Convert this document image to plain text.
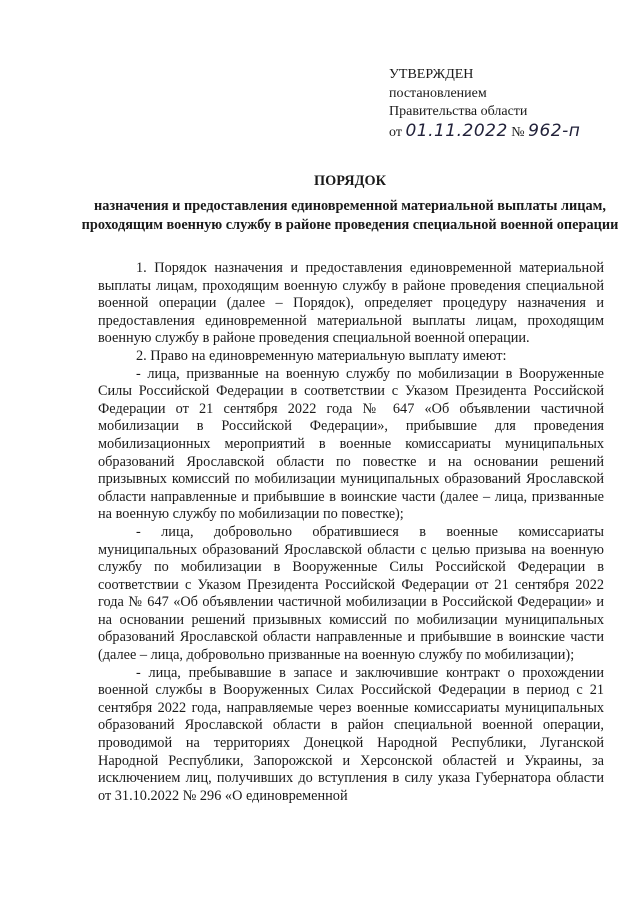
УТВЕРЖДЕН
постановлением
Правительства области
от 01.11.2022 № 962-п
ПОРЯДОК
назначения и предоставления единовременной материальной выплаты лицам, проходящим военную службу в районе проведения специальной военной операции

1. Порядок назначения и предоставления единовременной материальной выплаты лицам, проходящим военную службу в районе проведения специальной военной операции (далее – Порядок), определяет процедуру назначения и предоставления единовременной материальной выплаты лицам, проходящим военную службу в районе проведения специальной военной операции.

2. Право на единовременную материальную выплату имеют:

- лица, призванные на военную службу по мобилизации в Вооруженные Силы Российской Федерации в соответствии с Указом Президента Российской Федерации от 21 сентября 2022 года № 647 «Об объявлении частичной мобилизации в Российской Федерации», прибывшие для проведения мобилизационных мероприятий в военные комиссариаты муниципальных образований Ярославской области по повестке и на основании решений призывных комиссий по мобилизации муниципальных образований Ярославской области направленные и прибывшие в воинские части (далее – лица, призванные на военную службу по мобилизации по повестке);

- лица, добровольно обратившиеся в военные комиссариаты муниципальных образований Ярославской области с целью призыва на военную службу по мобилизации в Вооруженные Силы Российской Федерации в соответствии с Указом Президента Российской Федерации от 21 сентября 2022 года № 647 «Об объявлении частичной мобилизации в Российской Федерации» и на основании решений призывных комиссий по мобилизации муниципальных образований Ярославской области направленные и прибывшие в воинские части (далее – лица, добровольно призванные на военную службу по мобилизации);

- лица, пребывавшие в запасе и заключившие контракт о прохождении военной службы в Вооруженных Силах Российской Федерации в период с 21 сентября 2022 года, направляемые через военные комиссариаты муниципальных образований Ярославской области в район специальной военной операции, проводимой на территориях Донецкой Народной Республики, Луганской Народной Республики, Запорожской и Херсонской областей и Украины, за исключением лиц, получивших до вступления в силу указа Губернатора области от 31.10.2022 № 296 «О единовременной
